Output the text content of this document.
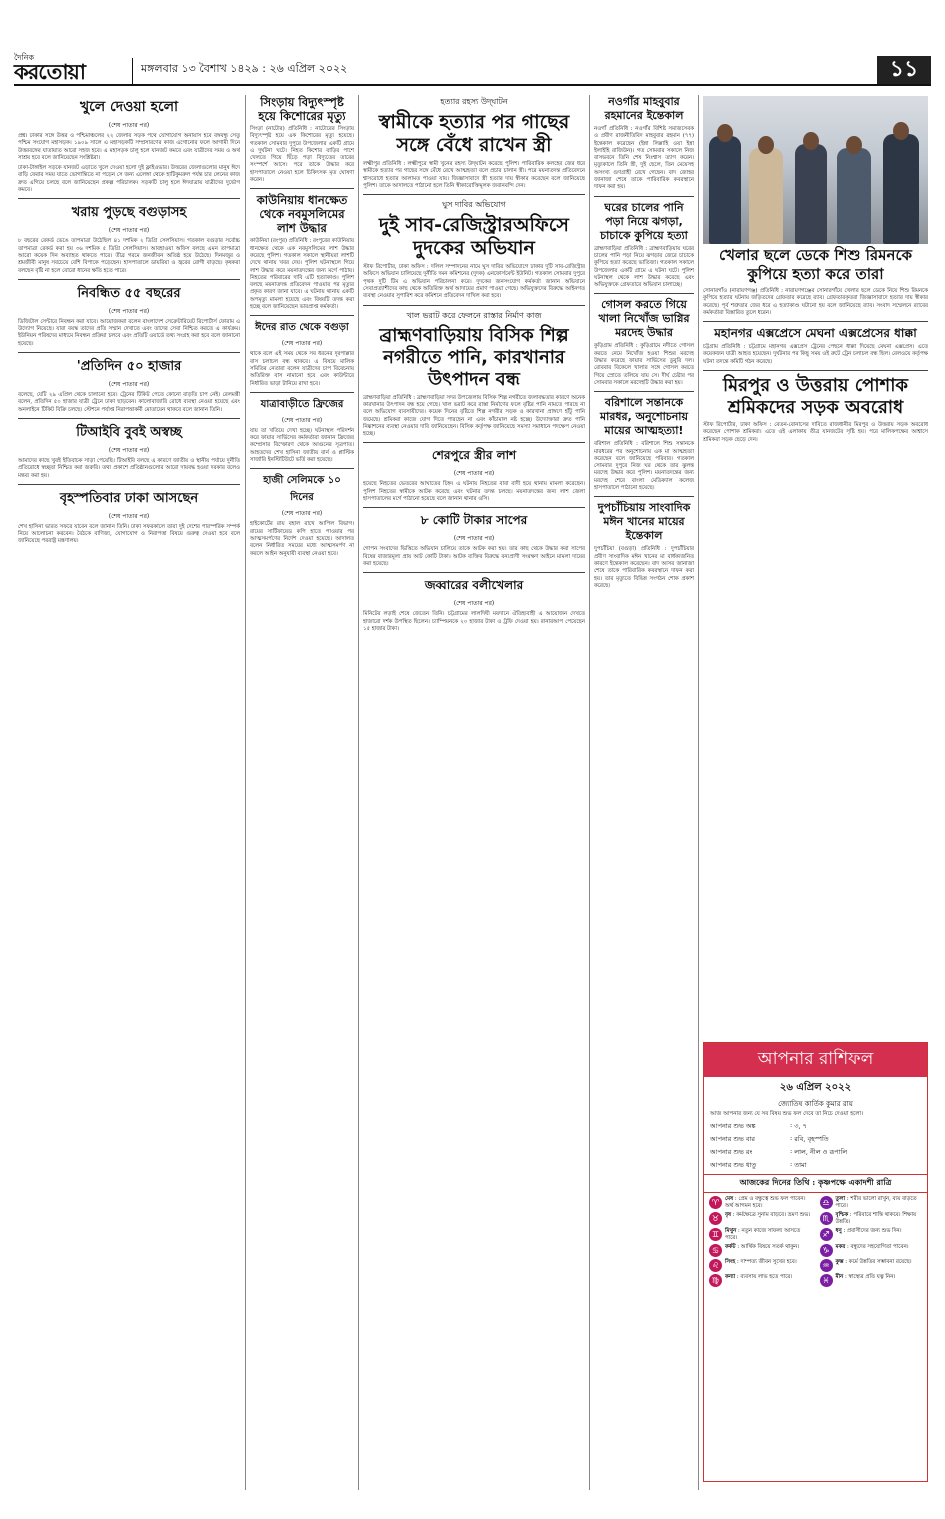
দৈনিক
করতোয়া	মঙ্গলবার ১৩ বৈশাখ ১৪২৯ : ২৬ এপ্রিল ২০২২	১১
খুলে দেওয়া হলো
(শেষ পাতার পর)

প্রশ্ন। ঢাকার সঙ্গে উত্তর ও পশ্চিমাঞ্চলের ২২ জেলার সড়ক পথে যোগাযোগ অনায়াস হবে বঙ্গবন্ধু সেতু পশ্চিম সংযোগ মহাসড়ক। ১৯০৯ সালে এ মহাসড়কটি সম্প্রসারণের কাজ এগোনোর ফলে আগামী দিনে উত্তরবঙ্গের যাতায়াত আরো সহজ হবে। এ মহাসড়ক চালু হলে যানজট কমবে এবং যাত্রীদের সময় ও অর্থ সাশ্রয় হবে বলে জানিয়েছেন সংশ্লিষ্টরা।

ঢাকা-টাঙ্গাইল সড়কে যানজট এড়াতে খুলে দেওয়া হলো দুই ফ্লাইওভার। উত্তরের জেলাগুলোর মানুষ ঈদে বাড়ি ফেরার সময় যাতে ভোগান্তিতে না পড়েন সে জন্য এলেঙ্গা থেকে হাটিকুমরুল পর্যন্ত চার লেনের কাজ দ্রুত এগিয়ে চলছে বলে জানিয়েছেন প্রকল্প পরিচালক। সড়কটি চালু হলে ঈদযাত্রায় যাত্রীদের দুর্ভোগ কমবে।

খরায় পুড়ছে বগুড়াসহ
(শেষ পাতার পর)

৮ বছরের রেকর্ড ভেঙে তাপমাত্রা উঠেছিল ৪১ দশমিক ২ ডিগ্রি সেলসিয়াস। গতকাল বগুড়ার সর্বোচ্চ তাপমাত্রা রেকর্ড করা হয় ৩৬ দশমিক ৫ ডিগ্রি সেলসিয়াস। আবহাওয়া অফিস বলছে এমন তাপমাত্রা আরো কয়েক দিন অব্যাহত থাকতে পারে। তীব্র গরমে জনজীবন অতিষ্ঠ হয়ে উঠেছে। দিনমজুর ও শ্রমজীবী মানুষ সবচেয়ে বেশি বিপাকে পড়েছেন। হাসপাতালে ডায়রিয়া ও জ্বরের রোগী বাড়ছে। কৃষকরা বলছেন বৃষ্টি না হলে বোরো ধানের ক্ষতি হতে পারে।

নিবন্ধিত ৫৫ বছরের
(শেষ পাতার পর)

ডিজিটাল সেন্টারে নিবন্ধন করা যাবে। আয়োজকরা বলেন বাংলাদেশ সেক্রেটারিয়েট রিপোর্টার্স ফোরাম এ উদ্যোগ নিয়েছে। যারা বয়স্ক তাদের প্রতি সম্মান দেখাতে এবং তাদের সেবা নিশ্চিত করতে এ কার্যক্রম। ইউনিয়ন পরিষদের মাধ্যমে নিবন্ধন প্রক্রিয়া চলবে এবং প্রতিটি ওয়ার্ডে তথ্য সংগ্রহ করা হবে বলে জানানো হয়েছে।

'প্রতিদিন ৫০ হাজার
(শেষ পাতার পর)

বলেছে, যেটি ২৯ এপ্রিল থেকে চালানো হবে। ট্রেনের টিকিট পেতে কোনো বাড়তি চাপ নেই। রেলমন্ত্রী বলেন, প্রতিদিন ৫০ হাজার যাত্রী ট্রেনে ঢাকা ছাড়বেন। কালোবাজারি রোধে ব্যবস্থা নেওয়া হয়েছে এবং অনলাইনে টিকিট বিক্রি চলছে। স্টেশনে পর্যাপ্ত নিরাপত্তাকর্মী মোতায়েন থাকবে বলে জানান তিনি।

টিআইবি বুবই অস্বচ্ছ
(শেষ পাতার পর)

আমাদের কাছে খুবই ইতিবাচক সাড়া পেয়েছি। টিআইবি বলছে এ কারণে জাতীয় ও স্থানীয় পর্যায়ে দুর্নীতি প্রতিরোধে স্বচ্ছতা নিশ্চিত করা জরুরি। তথ্য প্রকাশে প্রতিষ্ঠানগুলোর আরো দায়বদ্ধ হওয়া দরকার বলেও মন্তব্য করা হয়।

বৃহস্পতিবার ঢাকা আসছেন
(শেষ পাতার পর)

শেখ হাসিনা ভারত সফরে যাবেন বলে জানান তিনি। ঢাকা সফরকালে তারা দুই দেশের পারস্পরিক সম্পর্ক নিয়ে আলোচনা করবেন। বৈঠকে বাণিজ্য, যোগাযোগ ও নিরাপত্তা বিষয়ে গুরুত্ব দেওয়া হবে বলে জানিয়েছে পররাষ্ট্র মন্ত্রণালয়।

সিংড়ায় বিদ্যুৎস্পৃষ্ট হয়ে কিশোরের মৃত্যু

সিংড়া (নাটোর) প্রতিনিধি : নাটোরের সিংড়ায় বিদ্যুৎস্পৃষ্ট হয়ে এক কিশোরের মৃত্যু হয়েছে। গতকাল সোমবার দুপুরে উপজেলার একটি গ্রামে এ দুর্ঘটনা ঘটে। নিহত কিশোর বাড়ির পাশে খেলতে গিয়ে ছিঁড়ে পড়া বিদ্যুতের তারের সংস্পর্শে আসে। পরে তাকে উদ্ধার করে হাসপাতালে নেওয়া হলে চিকিৎসক মৃত ঘোষণা করেন।

কাউনিয়ায় ধানক্ষেত থেকে নবমুসলিমের লাশ উদ্ধার

কাউনিয়া (রংপুর) প্রতিনিধি : রংপুরের কাউনিয়ায় ধানক্ষেত থেকে এক নবমুসলিমের লাশ উদ্ধার করেছে পুলিশ। গতকাল সকালে স্থানীয়রা লাশটি দেখে থানায় খবর দেয়। পুলিশ ঘটনাস্থলে গিয়ে লাশ উদ্ধার করে ময়নাতদন্তের জন্য মর্গে পাঠায়। নিহতের পরিবারের দাবি এটি হত্যাকাণ্ড। পুলিশ বলছে ময়নাতদন্ত প্রতিবেদন পাওয়ার পর মৃত্যুর প্রকৃত কারণ জানা যাবে। এ ঘটনায় থানায় একটি অপমৃত্যু মামলা হয়েছে এবং বিষয়টি তদন্ত করা হচ্ছে বলে জানিয়েছেন ভারপ্রাপ্ত কর্মকর্তা।

ঈদের রাত থেকে বগুড়া
(শেষ পাতার পর)

থাকে বলে এই সময় থেকে সব ধরনের দূরপাল্লার বাস চলাচল বন্ধ থাকবে। এ বিষয়ে মালিক সমিতির নেতারা বলেন যাত্রীদের চাপ বিবেচনায় অতিরিক্ত বাস নামানো হবে এবং কাউন্টারে নির্ধারিত ভাড়া টানিয়ে রাখা হবে।

যাত্রাবাড়ীতে ফ্রিজের
(শেষ পাতার পর)

যায় তা খতিয়ে দেখা হচ্ছে। ঘটনাস্থল পরিদর্শন করে ফায়ার সার্ভিসের কর্মকর্তারা জানান ফ্রিজের কম্প্রেসার বিস্ফোরণ থেকে আগুনের সূত্রপাত। আহতদের শেখ হাসিনা জাতীয় বার্ন ও প্লাস্টিক সার্জারি ইনস্টিটিউটে ভর্তি করা হয়েছে।

হাজী সেলিমকে ১০ দিনের
(শেষ পাতার পর)

হাইকোর্টের রায় বহাল রাখে আপিল বিভাগ। রায়ের সার্টিফায়েড কপি হাতে পাওয়ার পর আত্মসমর্পণের নির্দেশ দেওয়া হয়েছে। আদালত বলেন নির্ধারিত সময়ের মধ্যে আত্মসমর্পণ না করলে আইন অনুযায়ী ব্যবস্থা নেওয়া হবে।

হত্যার রহস্য উদ্‌ঘাটন
স্বামীকে হত্যার পর গাছের সঙ্গে বেঁধে রাখেন স্ত্রী

লক্ষ্মীপুর প্রতিনিধি : লক্ষ্মীপুরে স্বামী খুনের রহস্য উদ্‌ঘাটন করেছে পুলিশ। পারিবারিক কলহের জের ধরে স্বামীকে হত্যার পর গাছের সঙ্গে বেঁধে রেখে আত্মহত্যা বলে প্রচার চালান স্ত্রী। পরে ময়নাতদন্ত প্রতিবেদনে শ্বাসরোধে হত্যার আলামত পাওয়া যায়। জিজ্ঞাসাবাদে স্ত্রী হত্যার দায় স্বীকার করেছেন বলে জানিয়েছে পুলিশ। তাকে আদালতে পাঠানো হলে তিনি স্বীকারোক্তিমূলক জবানবন্দি দেন।

ঘুস দাবির অভিযোগ
দুই সাব-রেজিস্ট্রারঅফিসে দুদকের অভিযান

স্টাফ রিপোর্টার, ঢাকা অফিস : দলিল সম্পাদনের নামে ঘুস দাবির অভিযোগে ঢাকার দুটি সাব-রেজিস্ট্রার অফিসে অভিযান চালিয়েছে দুর্নীতি দমন কমিশনের (দুদক) এনফোর্সমেন্ট ইউনিট। গতকাল সোমবার দুপুরে পৃথক দুটি টিম এ অভিযান পরিচালনা করে। দুদকের জনসংযোগ কর্মকর্তা জানান অভিযানে সেবাপ্রত্যাশীদের কাছ থেকে অতিরিক্ত অর্থ আদায়ের প্রমাণ পাওয়া গেছে। অভিযুক্তদের বিরুদ্ধে আইনগত ব্যবস্থা নেওয়ার সুপারিশ করে কমিশনে প্রতিবেদন দাখিল করা হবে।

খাল ভরাট করে ফেলনে রাস্তার নির্মাণ কাজ
ব্রাহ্মণবাড়িয়ায় বিসিক শিল্প নগরীতে পানি, কারখানার উৎপাদন বন্ধ

ব্রাহ্মণবাড়িয়া প্রতিনিধি : ব্রাহ্মণবাড়িয়া সদর উপজেলায় বিসিক শিল্প নগরীতে জলাবদ্ধতার কারণে অনেক কারখানার উৎপাদন বন্ধ হয়ে গেছে। খাল ভরাট করে রাস্তা নির্মাণের ফলে বৃষ্টির পানি নামতে পারছে না বলে অভিযোগ ব্যবসায়ীদের। কয়েক দিনের বৃষ্টিতে শিল্প নগরীর সড়ক ও কারখানা প্রাঙ্গণে হাঁটু পানি জমেছে। শ্রমিকরা কাজে যোগ দিতে পারছেন না এবং কাঁচামাল নষ্ট হচ্ছে। উদ্যোক্তারা দ্রুত পানি নিষ্কাশনের ব্যবস্থা নেওয়ার দাবি জানিয়েছেন। বিসিক কর্তৃপক্ষ জানিয়েছে সমস্যা সমাধানে পদক্ষেপ নেওয়া হচ্ছে।

শেরপুরে স্ত্রীর লাশ
(শেষ পাতার পর)

হয়েছে নিহতের ভেতরের আঘাতের চিহ্ন। এ ঘটনায় নিহতের বাবা বাদী হয়ে থানায় মামলা করেছেন। পুলিশ নিহতের স্বামীকে আটক করেছে এবং ঘটনার তদন্ত চলছে। ময়নাতদন্তের জন্য লাশ জেলা হাসপাতালের মর্গে পাঠানো হয়েছে বলে জানান থানার ওসি।

৮ কোটি টাকার সাপের
(শেষ পাতার পর)

গোপন সংবাদের ভিত্তিতে অভিযান চালিয়ে তাকে আটক করা হয়। তার কাছ থেকে উদ্ধার করা সাপের বিষের বাজারমূল্য প্রায় আট কোটি টাকা। আটক ব্যক্তির বিরুদ্ধে বন্যপ্রাণী সংরক্ষণ আইনে মামলা দায়ের করা হয়েছে।

জব্বারের বলীখেলার
(শেষ পাতার পর)

মিনিটের লড়াই শেষে জেতেন তিনি। চট্টগ্রামের লালদিঘী ময়দানে ঐতিহ্যবাহী এ আয়োজন দেখতে হাজারো দর্শক উপস্থিত ছিলেন। চ্যাম্পিয়নকে ২০ হাজার টাকা ও ট্রফি দেওয়া হয়। রানারআপ পেয়েছেন ১৫ হাজার টাকা।

নওগাঁর মাহবুবার রহমানের ইন্তেকাল

নওগাঁ প্রতিনিধি : নওগাঁর বিশিষ্ট সমাজসেবক ও প্রবীণ রাজনীতিবিদ মাহবুবার রহমান (৭৭) ইন্তেকাল করেছেন (ইন্না লিল্লাহি ওয়া ইন্না ইলাইহি রাজিউন)। গত সোমবার সকালে নিজ বাসভবনে তিনি শেষ নিঃশ্বাস ত্যাগ করেন। মৃত্যুকালে তিনি স্ত্রী, দুই ছেলে, তিন মেয়েসহ অসংখ্য গুণগ্রাহী রেখে গেছেন। বাদ জোহর জানাজা শেষে তাকে পারিবারিক কবরস্থানে দাফন করা হয়।

ঘরের চালের পানি পড়া নিয়ে ঝগড়া, চাচাকে কুপিয়ে হত্যা

ব্রাহ্মণবাড়িয়া প্রতিনিধি : ব্রাহ্মণবাড়িয়ায় ঘরের চালের পানি পড়া নিয়ে ঝগড়ার জেরে চাচাকে কুপিয়ে হত্যা করেছে ভাতিজা। গতকাল সকালে উপজেলার একটি গ্রামে এ ঘটনা ঘটে। পুলিশ ঘটনাস্থল থেকে লাশ উদ্ধার করেছে এবং অভিযুক্তকে গ্রেফতারে অভিযান চালাচ্ছে।

গোসল করতে গিয়ে খালা নিখোঁজ ভাগ্নির মরদেহ উদ্ধার

কুড়িগ্রাম প্রতিনিধি : কুড়িগ্রামে নদীতে গোসল করতে নেমে নিখোঁজ হওয়া শিশুর মরদেহ উদ্ধার করেছে ফায়ার সার্ভিসের ডুবুরি দল। রোববার বিকেলে খালার সঙ্গে গোসল করতে গিয়ে স্রোতে তলিয়ে যায় সে। দীর্ঘ চেষ্টার পর সোমবার সকালে মরদেহটি উদ্ধার করা হয়।

বরিশালে সন্তানকে মারধর, অনুশোচনায় মায়ের আত্মহত্যা!

বরিশাল প্রতিনিধি : বরিশালে শিশু সন্তানকে মারধরের পর অনুশোচনায় এক মা আত্মহত্যা করেছেন বলে জানিয়েছে পরিবার। গতকাল সোমবার দুপুরে নিজ ঘর থেকে তার ঝুলন্ত মরদেহ উদ্ধার করে পুলিশ। ময়নাতদন্তের জন্য মরদেহ শেরে বাংলা মেডিক্যাল কলেজ হাসপাতালে পাঠানো হয়েছে।

দুপচাঁচিয়ায় সাংবাদিক মঈন খানের মায়ের ইন্তেকাল

দুপচাঁচিয়া (বগুড়া) প্রতিনিধি : দুপচাঁচিয়ার প্রবীণ সাংবাদিক মঈন খানের মা বার্ধক্যজনিত কারণে ইন্তেকাল করেছেন। বাদ আসর জানাজা শেষে তাকে পারিবারিক কবরস্থানে দাফন করা হয়। তার মৃত্যুতে বিভিন্ন সংগঠন শোক প্রকাশ করেছে।

খেলার ছলে ডেকে শিশু রিমনকে কুপিয়ে হত্যা করে তারা

সোনারগাঁও (নারায়ণগঞ্জ) প্রতিনিধি : নারায়ণগঞ্জের সোনারগাঁয়ে খেলার ছলে ডেকে নিয়ে শিশু রিমনকে কুপিয়ে হত্যার ঘটনায় জড়িতদের গ্রেফতার করেছে র‍্যাব। গ্রেফতারকৃতরা জিজ্ঞাসাবাদে হত্যার দায় স্বীকার করেছে। পূর্ব শত্রুতার জের ধরে এ হত্যাকাণ্ড ঘটানো হয় বলে জানিয়েছে র‍্যাব। সংবাদ সম্মেলনে র‍্যাবের কর্মকর্তারা বিস্তারিত তুলে ধরেন।

মহানগর এক্সপ্রেসে মেঘনা এক্সপ্রেসের ধাক্কা

চট্টগ্রাম প্রতিনিধি : চট্টগ্রামে মহানগর এক্সপ্রেস ট্রেনের পেছনে ধাক্কা দিয়েছে মেঘনা এক্সপ্রেস। এতে কয়েকজন যাত্রী আহত হয়েছেন। দুর্ঘটনার পর কিছু সময় ওই রুটে ট্রেন চলাচল বন্ধ ছিল। রেলওয়ে কর্তৃপক্ষ ঘটনা তদন্তে কমিটি গঠন করেছে।

মিরপুর ও উত্তরায় পোশাক শ্রমিকদের সড়ক অবরোধ

স্টাফ রিপোর্টার, ঢাকা অফিস : বেতন-বোনাসের দাবিতে রাজধানীর মিরপুর ও উত্তরায় সড়ক অবরোধ করেছেন পোশাক শ্রমিকরা। এতে ওই এলাকায় তীব্র যানজটের সৃষ্টি হয়। পরে মালিকপক্ষের আশ্বাসে শ্রমিকরা সড়ক ছেড়ে দেন।

আপনার রাশিফল
২৬ এপ্রিল ২০২২
জ্যোতিষ কার্তিক কুমার রায়
আজ আপনার জন্য যে সব বিষয় শুভ ফল দেবে তা নিচে দেওয়া হলো।
আপনার শুভ অঙ্ক	: ৩, ৭
আপনার শুভ বার	: রবি, বৃহস্পতি
আপনার শুভ রং	: লাল, নীল ও রূপালি
আপনার শুভ ধাতু	: তামা
আজকের দিনের তিথি : কৃষ্ণপক্ষে একাদশী রাত্রি
♈	মেষ : প্রেম ও বন্ধুত্বে শুভ ফল পাবেন। অর্থ আগমন হবে।	♎	তুলা : শরীর ভালো রাখুন, ব্যয় বাড়তে পারে।
♉	বৃষ : কর্মক্ষেত্রে সুনাম বাড়বে। ভ্রমণ শুভ।	♏	বৃশ্চিক : পরিবারে শান্তি থাকবে। শিক্ষায় উন্নতি।
♊	মিথুন : নতুন কাজে সাফল্য আসতে পারে।	♐	ধনু : প্রবাসীদের জন্য শুভ দিন।
♋	কর্কট : আর্থিক বিষয়ে সতর্ক থাকুন।	♑	মকর : বন্ধুদের সহযোগিতা পাবেন।
♌	সিংহ : দাম্পত্য জীবন সুখের হবে।	♒	কুম্ভ : কর্মে উন্নতির সম্ভাবনা রয়েছে।
♍	কন্যা : ব্যবসায় লাভ হতে পারে।	♓	মীন : স্বাস্থ্যের প্রতি যত্ন নিন।
